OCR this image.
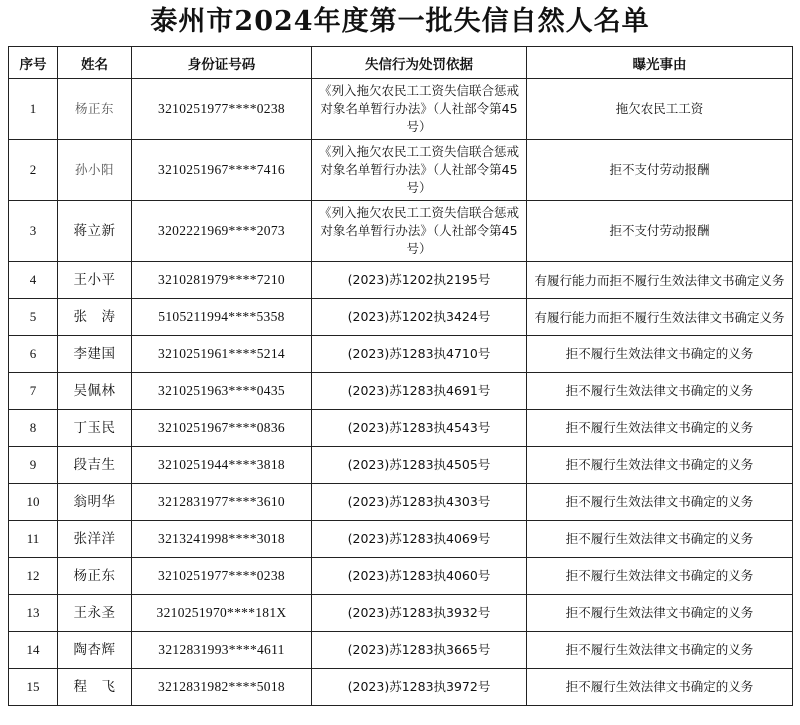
泰州市2024年度第一批失信自然人名单
序号	姓名	身份证号码	失信行为处罚依据	曝光事由
1	杨正东	3210251977****0238	《列入拖欠农民工工资失信联合惩戒对象名单暂行办法》（人社部令第45号）	拖欠农民工工资
2	孙小阳	3210251967****7416	《列入拖欠农民工工资失信联合惩戒对象名单暂行办法》（人社部令第45号）	拒不支付劳动报酬
3	蒋立新	3202221969****2073	《列入拖欠农民工工资失信联合惩戒对象名单暂行办法》（人社部令第45号）	拒不支付劳动报酬
4	王小平	3210281979****7210	(2023)苏1202执2195号	有履行能力而拒不履行生效法律文书确定义务
5	张　涛	5105211994****5358	(2023)苏1202执3424号	有履行能力而拒不履行生效法律文书确定义务
6	李建国	3210251961****5214	(2023)苏1283执4710号	拒不履行生效法律文书确定的义务
7	吴佩林	3210251963****0435	(2023)苏1283执4691号	拒不履行生效法律文书确定的义务
8	丁玉民	3210251967****0836	(2023)苏1283执4543号	拒不履行生效法律文书确定的义务
9	段吉生	3210251944****3818	(2023)苏1283执4505号	拒不履行生效法律文书确定的义务
10	翁明华	3212831977****3610	(2023)苏1283执4303号	拒不履行生效法律文书确定的义务
11	张洋洋	3213241998****3018	(2023)苏1283执4069号	拒不履行生效法律文书确定的义务
12	杨正东	3210251977****0238	(2023)苏1283执4060号	拒不履行生效法律文书确定的义务
13	王永圣	3210251970****181X	(2023)苏1283执3932号	拒不履行生效法律文书确定的义务
14	陶杏辉	3212831993****4611	(2023)苏1283执3665号	拒不履行生效法律文书确定的义务
15	程　飞	3212831982****5018	(2023)苏1283执3972号	拒不履行生效法律文书确定的义务
